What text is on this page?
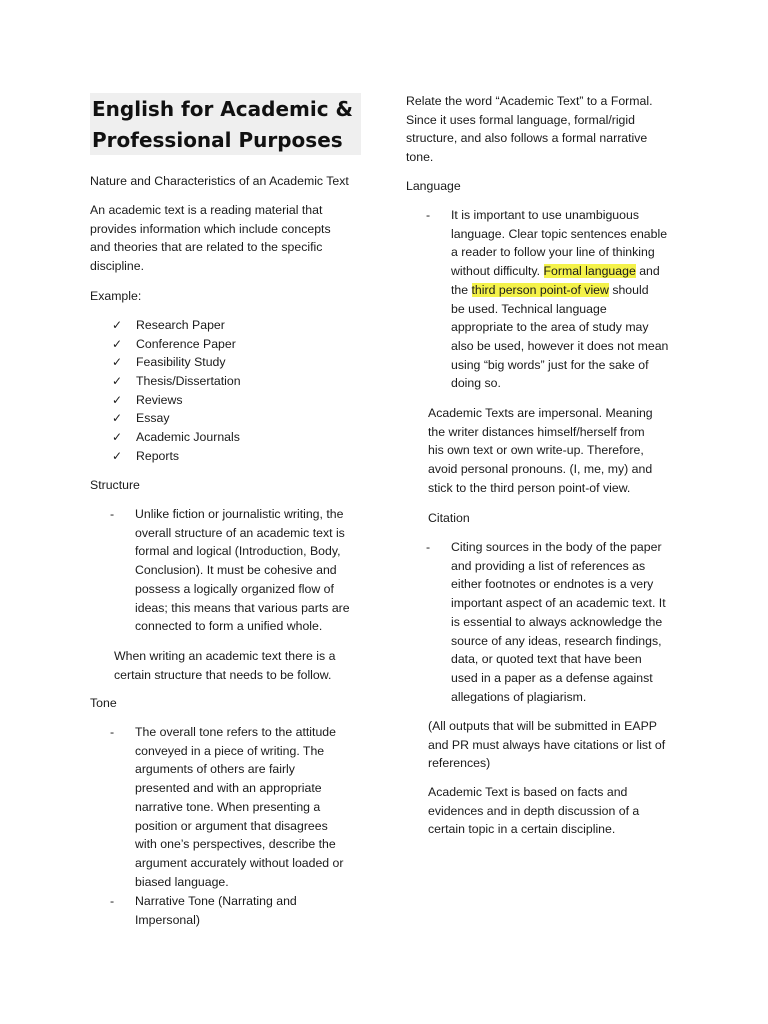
English for Academic &
Professional Purposes
Nature and Characteristics of an Academic Text

An academic text is a reading material that
provides information which include concepts
and theories that are related to the specific
discipline.

Example:
✓	Research Paper
✓	Conference Paper
✓	Feasibility Study
✓	Thesis/Dissertation
✓	Reviews
✓	Essay
✓	Academic Journals
✓	Reports
Structure
- Unlike fiction or journalistic writing, the
overall structure of an academic text is
formal and logical (Introduction, Body,
Conclusion). It must be cohesive and
possess a logically organized flow of
ideas; this means that various parts are
connected to form a unified whole.

When writing an academic text there is a
certain structure that needs to be follow.

Tone
- The overall tone refers to the attitude
conveyed in a piece of writing. The
arguments of others are fairly
presented and with an appropriate
narrative tone. When presenting a
position or argument that disagrees
with one’s perspectives, describe the
argument accurately without loaded or
biased language.

- Narrative Tone (Narrating and
Impersonal)

Relate the word “Academic Text” to a Formal.
Since it uses formal language, formal/rigid
structure, and also follows a formal narrative
tone.

Language
- It is important to use unambiguous
language. Clear topic sentences enable
a reader to follow your line of thinking
without difficulty. Formal language and
the third person point-of view should
be used. Technical language
appropriate to the area of study may
also be used, however it does not mean
using “big words” just for the sake of
doing so.

Academic Texts are impersonal. Meaning
the writer distances himself/herself from
his own text or own write-up. Therefore,
avoid personal pronouns. (I, me, my) and
stick to the third person point-of view.

Citation
- Citing sources in the body of the paper
and providing a list of references as
either footnotes or endnotes is a very
important aspect of an academic text. It
is essential to always acknowledge the
source of any ideas, research findings,
data, or quoted text that have been
used in a paper as a defense against
allegations of plagiarism.

(All outputs that will be submitted in EAPP
and PR must always have citations or list of
references)

Academic Text is based on facts and
evidences and in depth discussion of a
certain topic in a certain discipline.
